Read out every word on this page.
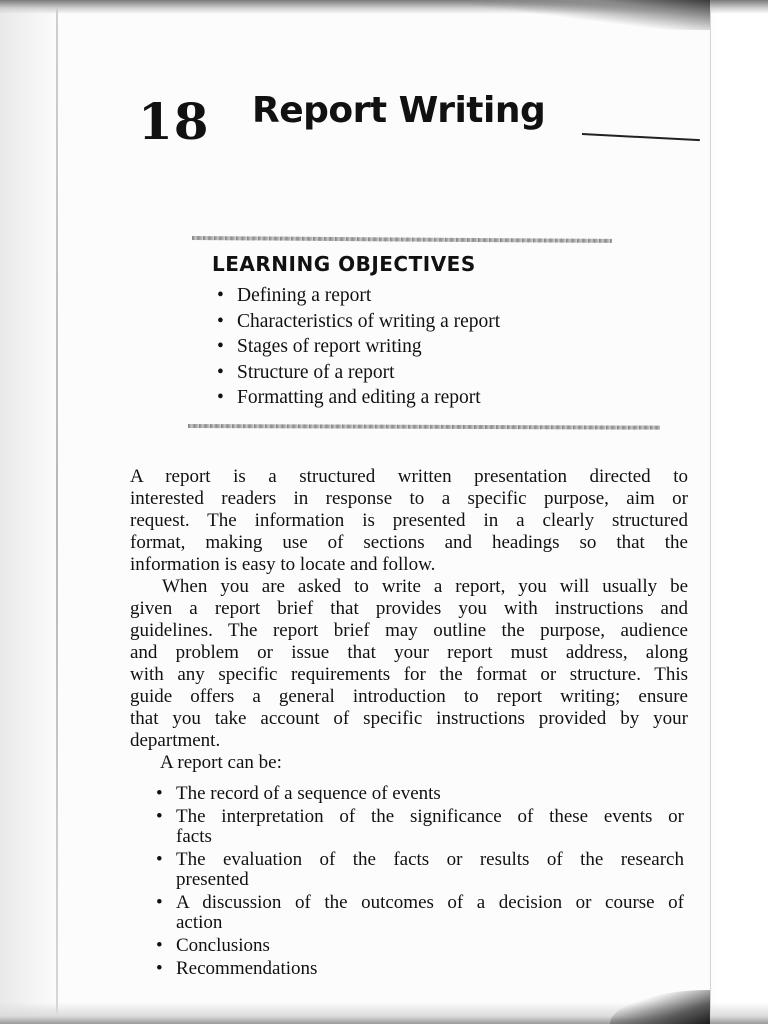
18 Report Writing
LEARNING OBJECTIVES
• Defining a report
• Characteristics of writing a report
• Stages of report writing
• Structure of a report
• Formatting and editing a report
A report is a structured written presentation directed to
interested readers in response to a specific purpose, aim or
request. The information is presented in a clearly structured
format, making use of sections and headings so that the
information is easy to locate and follow.
When you are asked to write a report, you will usually be
given a report brief that provides you with instructions and
guidelines. The report brief may outline the purpose, audience
and problem or issue that your report must address, along
with any specific requirements for the format or structure. This
guide offers a general introduction to report writing; ensure
that you take account of specific instructions provided by your
department.
A report can be:
• The record of a sequence of events
• The interpretation of the significance of these events or
facts
• The evaluation of the facts or results of the research
presented
• A discussion of the outcomes of a decision or course of
action
• Conclusions
• Recommendations
